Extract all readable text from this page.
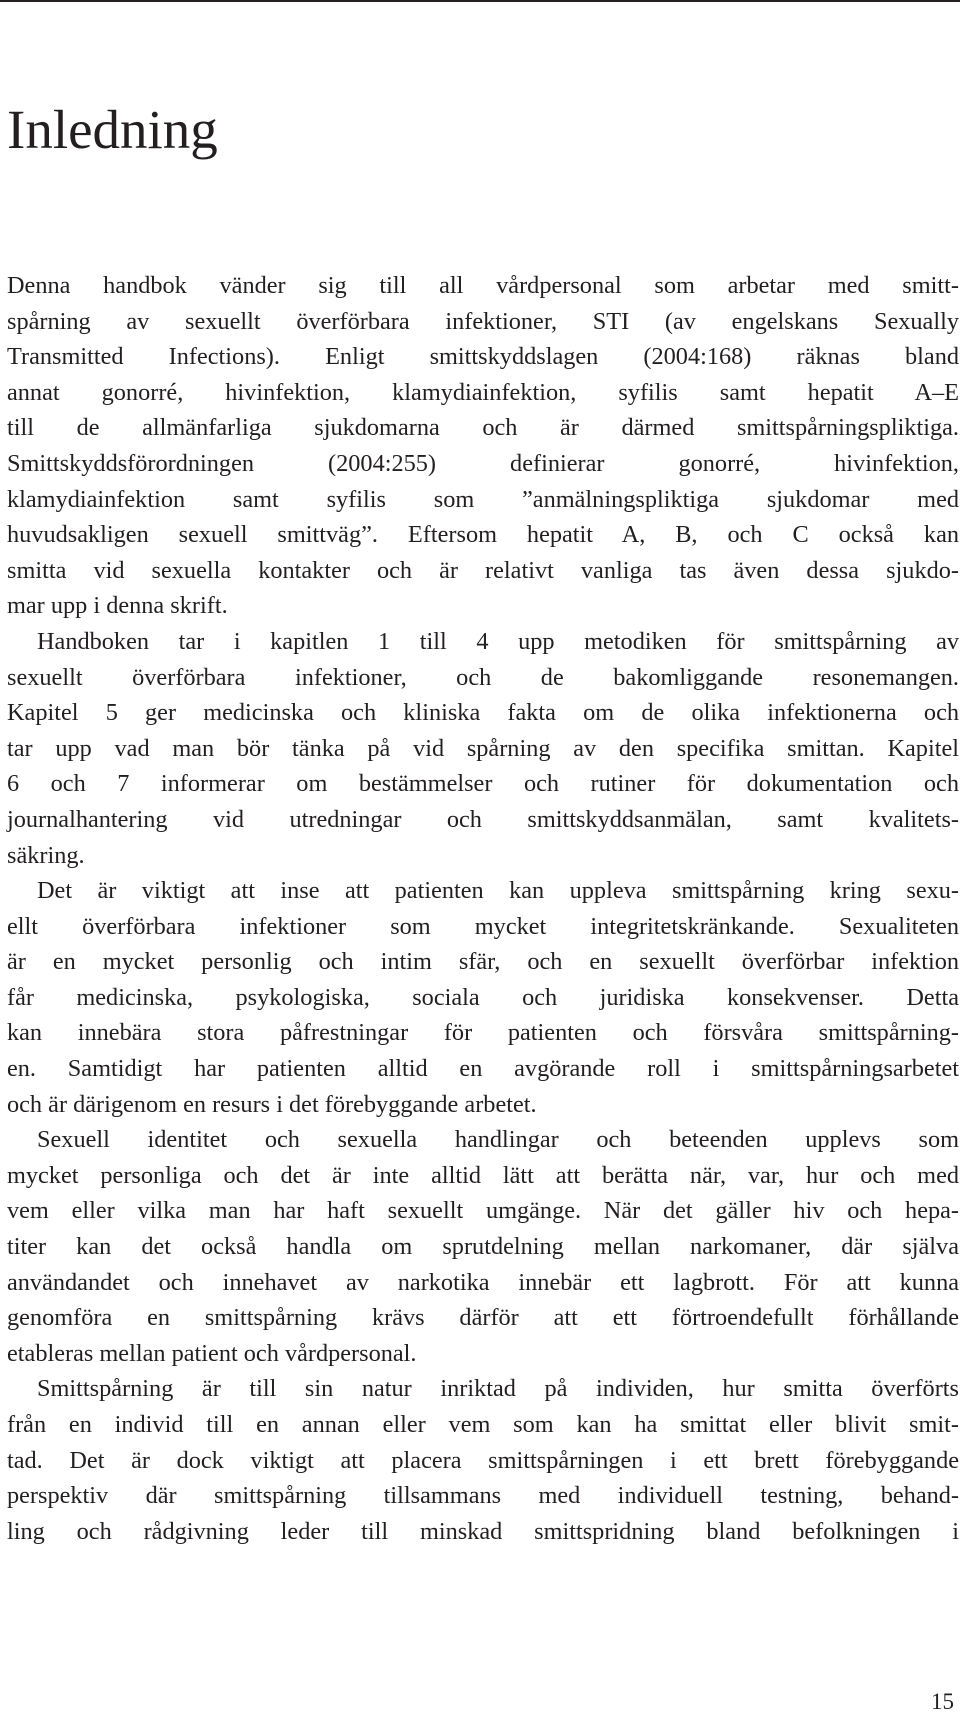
Inledning
Denna handbok vänder sig till all vårdpersonal som arbetar med smitt-
spårning av sexuellt överförbara infektioner, STI (av engelskans Sexually
Transmitted Infections). Enligt smittskyddslagen (2004:168) räknas bland
annat gonorré, hivinfektion, klamydiainfektion, syfilis samt hepatit A–E
till de allmänfarliga sjukdomarna och är därmed smittspårningspliktiga.
Smittskyddsförordningen (2004:255) definierar gonorré, hivinfektion,
klamydiainfektion samt syfilis som ”anmälningspliktiga sjukdomar med
huvudsakligen sexuell smittväg”. Eftersom hepatit A, B, och C också kan
smitta vid sexuella kontakter och är relativt vanliga tas även dessa sjukdo-
mar upp i denna skrift.
Handboken tar i kapitlen 1 till 4 upp metodiken för smittspårning av
sexuellt överförbara infektioner, och de bakomliggande resonemangen.
Kapitel 5 ger medicinska och kliniska fakta om de olika infektionerna och
tar upp vad man bör tänka på vid spårning av den specifika smittan. Kapitel
6 och 7 informerar om bestämmelser och rutiner för dokumentation och
journalhantering vid utredningar och smittskyddsanmälan, samt kvalitets-
säkring.
Det är viktigt att inse att patienten kan uppleva smittspårning kring sexu-
ellt överförbara infektioner som mycket integritetskränkande. Sexualiteten
är en mycket personlig och intim sfär, och en sexuellt överförbar infektion
får medicinska, psykologiska, sociala och juridiska konsekvenser. Detta
kan innebära stora påfrestningar för patienten och försvåra smittspårning-
en. Samtidigt har patienten alltid en avgörande roll i smittspårningsarbetet
och är därigenom en resurs i det förebyggande arbetet.
Sexuell identitet och sexuella handlingar och beteenden upplevs som
mycket personliga och det är inte alltid lätt att berätta när, var, hur och med
vem eller vilka man har haft sexuellt umgänge. När det gäller hiv och hepa-
titer kan det också handla om sprutdelning mellan narkomaner, där själva
användandet och innehavet av narkotika innebär ett lagbrott. För att kunna
genomföra en smittspårning krävs därför att ett förtroendefullt förhållande
etableras mellan patient och vårdpersonal.
Smittspårning är till sin natur inriktad på individen, hur smitta överförts
från en individ till en annan eller vem som kan ha smittat eller blivit smit-
tad. Det är dock viktigt att placera smittspårningen i ett brett förebyggande
perspektiv där smittspårning tillsammans med individuell testning, behand-
ling och rådgivning leder till minskad smittspridning bland befolkningen i
15
